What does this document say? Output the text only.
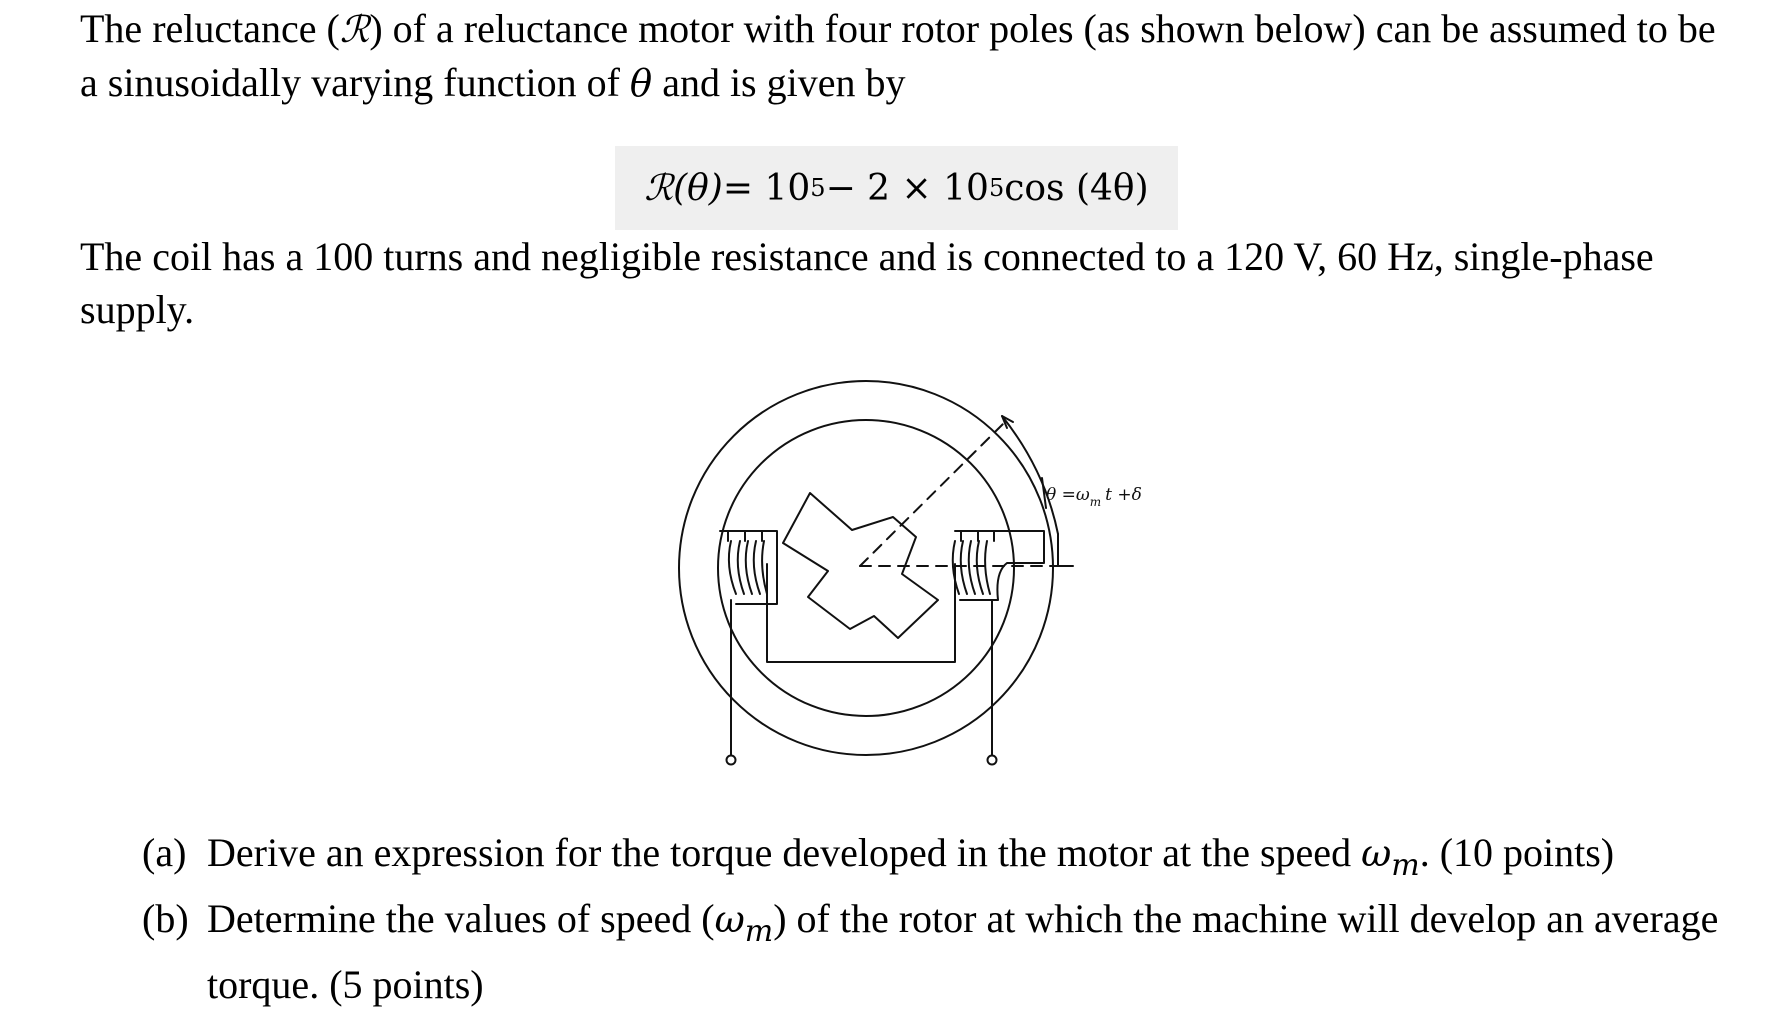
The reluctance (ℛ) of a reluctance motor with four rotor poles (as shown below) can be assumed to be a sinusoidally varying function of θ and is given by

ℛ(θ) = 10 5 − 2 × 10 5 cos (4θ)

The coil has a 100 turns and negligible resistance and is connected to a 120 V, 60 Hz, single-phase supply.

$\theta =\omega_m$ t +δ
(a) Derive an expression for the torque developed in the motor at the speed $\omega_m$. (10 points)
(b) Determine the values of speed $(\omega_m)$ of the rotor at which the machine will develop an average torque. (5 points)
